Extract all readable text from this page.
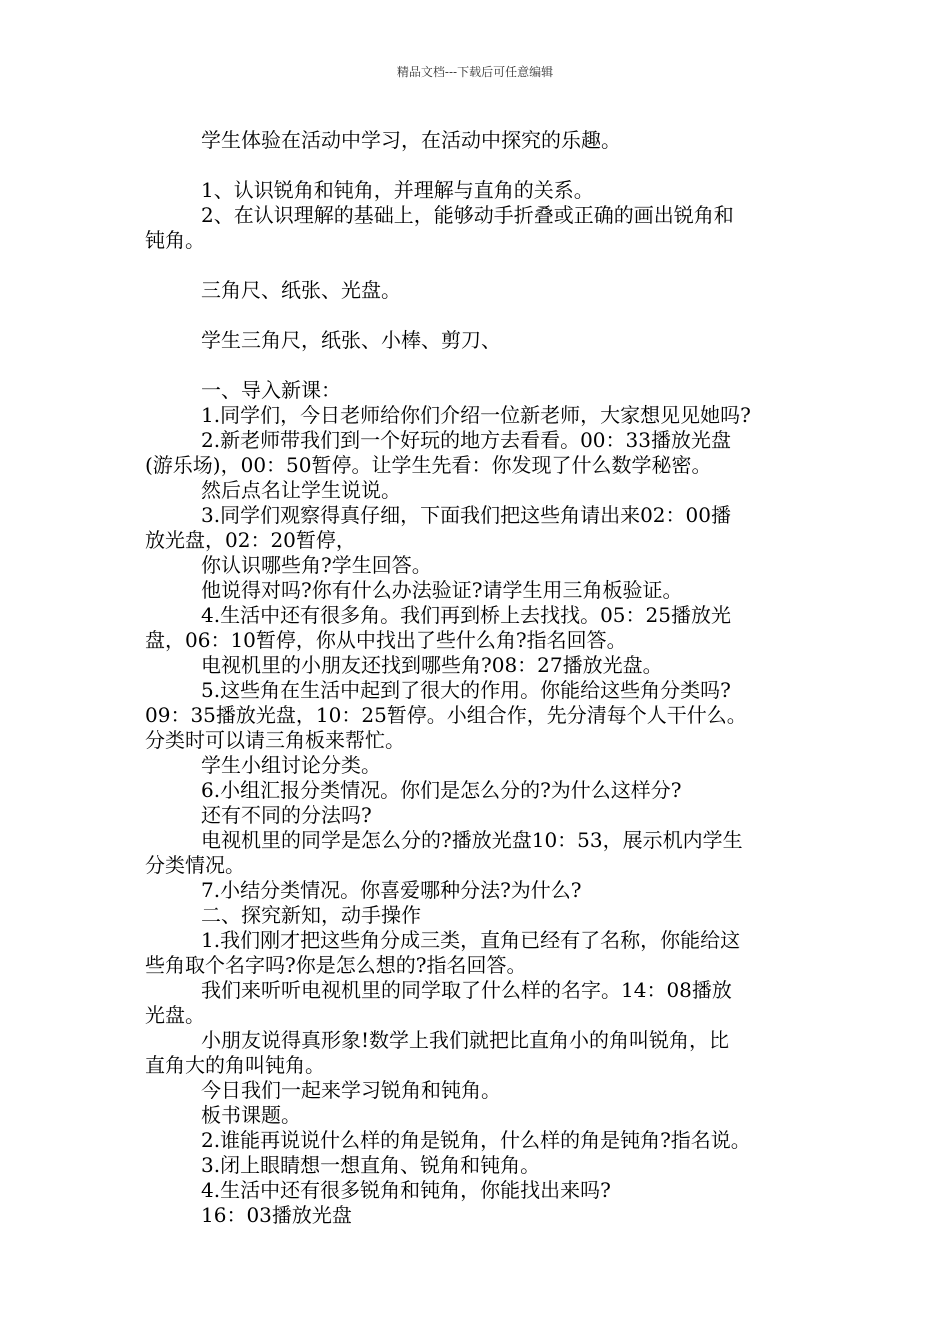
精品文档---下载后可任意编辑
学生体验在活动中学习，在活动中探究的乐趣。
1、认识锐角和钝角，并理解与直角的关系。
2、在认识理解的基础上，能够动手折叠或正确的画出锐角和
钝角。
三角尺、纸张、光盘。
学生三角尺，纸张、小棒、剪刀、
一、导入新课：
1.同学们，今日老师给你们介绍一位新老师，大家想见见她吗?
2.新老师带我们到一个好玩的地方去看看。00：33播放光盘
(游乐场)，00：50暂停。让学生先看：你发现了什么数学秘密。
然后点名让学生说说。
3.同学们观察得真仔细，下面我们把这些角请出来02：00播
放光盘，02：20暂停，
你认识哪些角?学生回答。
他说得对吗?你有什么办法验证?请学生用三角板验证。
4.生活中还有很多角。我们再到桥上去找找。05：25播放光
盘，06：10暂停，你从中找出了些什么角?指名回答。
电视机里的小朋友还找到哪些角?08：27播放光盘。
5.这些角在生活中起到了很大的作用。你能给这些角分类吗?
09：35播放光盘，10：25暂停。小组合作，先分清每个人干什么。
分类时可以请三角板来帮忙。
学生小组讨论分类。
6.小组汇报分类情况。你们是怎么分的?为什么这样分?
还有不同的分法吗?
电视机里的同学是怎么分的?播放光盘10：53，展示机内学生
分类情况。
7.小结分类情况。你喜爱哪种分法?为什么?
二、探究新知，动手操作
1.我们刚才把这些角分成三类，直角已经有了名称，你能给这
些角取个名字吗?你是怎么想的?指名回答。
我们来听听电视机里的同学取了什么样的名字。14：08播放
光盘。
小朋友说得真形象!数学上我们就把比直角小的角叫锐角，比
直角大的角叫钝角。
今日我们一起来学习锐角和钝角。
板书课题。
2.谁能再说说什么样的角是锐角，什么样的角是钝角?指名说。
3.闭上眼睛想一想直角、锐角和钝角。
4.生活中还有很多锐角和钝角，你能找出来吗?
16：03播放光盘
